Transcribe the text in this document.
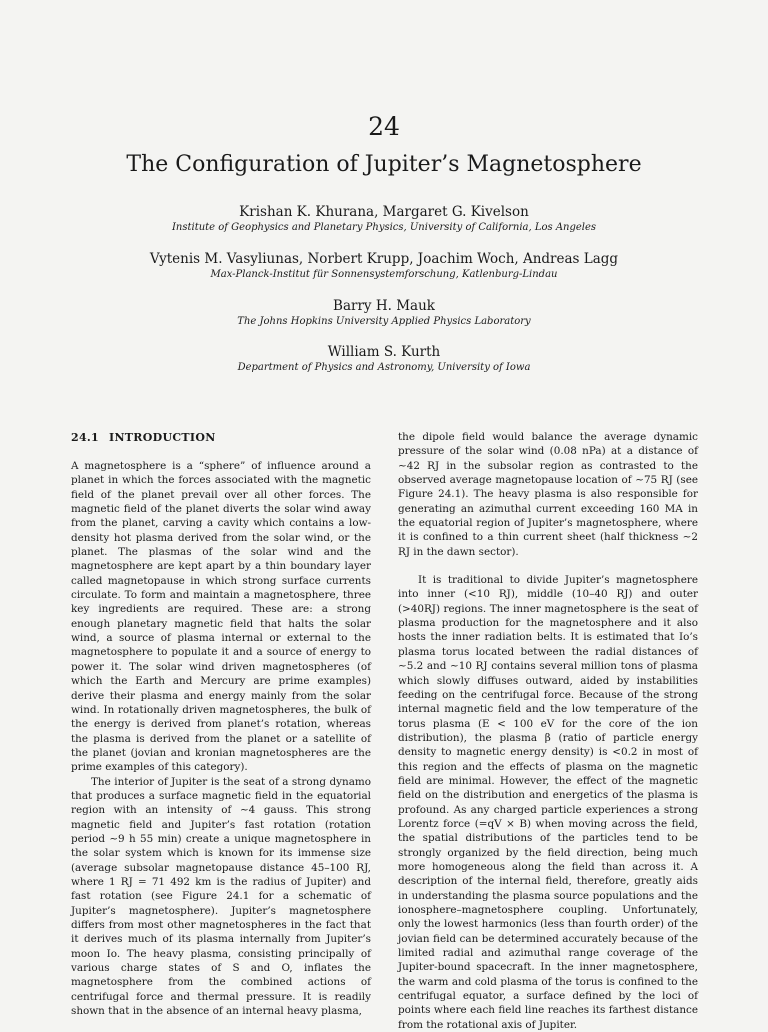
24
The Configuration of Jupiter’s Magnetosphere
Krishan K. Khurana, Margaret G. Kivelson
Institute of Geophysics and Planetary Physics, University of California, Los Angeles
Vytenis M. Vasyliunas, Norbert Krupp, Joachim Woch, Andreas Lagg
Max-Planck-Institut für Sonnensystemforschung, Katlenburg-Lindau
Barry H. Mauk
The Johns Hopkins University Applied Physics Laboratory
William S. Kurth
Department of Physics and Astronomy, University of Iowa
24.1 INTRODUCTION

A magnetosphere is a “sphere” of influence around a planet in which the forces associated with the magnetic field of the planet prevail over all other forces. The magnetic field of the planet diverts the solar wind away from the planet, carving a cavity which contains a low-density hot plasma derived from the solar wind, or the planet. The plasmas of the solar wind and the magnetosphere are kept apart by a thin boundary layer called magnetopause in which strong surface currents circulate. To form and maintain a magnetosphere, three key ingredients are required. These are: a strong enough planetary magnetic field that halts the solar wind, a source of plasma internal or external to the magnetosphere to populate it and a source of energy to power it. The solar wind driven magnetospheres (of which the Earth and Mercury are prime examples) derive their plasma and energy mainly from the solar wind. In rotationally driven magnetospheres, the bulk of the energy is derived from planet’s rotation, whereas the plasma is derived from the planet or a satellite of the planet (jovian and kronian magnetospheres are the prime examples of this category).

The interior of Jupiter is the seat of a strong dynamo that produces a surface magnetic field in the equatorial region with an intensity of ∼4 gauss. This strong magnetic field and Jupiter’s fast rotation (rotation period ∼9 h 55 min) create a unique magnetosphere in the solar system which is known for its immense size (average subsolar magnetopause distance 45–100 RJ, where 1 RJ = 71 492 km is the radius of Jupiter) and fast rotation (see Figure 24.1 for a schematic of Jupiter’s magnetosphere). Jupiter’s magnetosphere differs from most other magnetospheres in the fact that it derives much of its plasma internally from Jupiter’s moon Io. The heavy plasma, consisting principally of various charge states of S and O, inflates the magnetosphere from the combined actions of centrifugal force and thermal pressure. It is readily shown that in the absence of an internal heavy plasma,

the dipole field would balance the average dynamic pressure of the solar wind (0.08 nPa) at a distance of ∼42 RJ in the subsolar region as contrasted to the observed average magnetopause location of ∼75 RJ (see Figure 24.1). The heavy plasma is also responsible for generating an azimuthal current exceeding 160 MA in the equatorial region of Jupiter’s magnetosphere, where it is confined to a thin current sheet (half thickness ∼2 RJ in the dawn sector).

It is traditional to divide Jupiter’s magnetosphere into inner (<10 RJ), middle (10–40 RJ) and outer (>40RJ) regions. The inner magnetosphere is the seat of plasma production for the magnetosphere and it also hosts the inner radiation belts. It is estimated that Io’s plasma torus located between the radial distances of ∼5.2 and ∼10 RJ contains several million tons of plasma which slowly diffuses outward, aided by instabilities feeding on the centrifugal force. Because of the strong internal magnetic field and the low temperature of the torus plasma (E < 100 eV for the core of the ion distribution), the plasma β (ratio of particle energy density to magnetic energy density) is <0.2 in most of this region and the effects of plasma on the magnetic field are minimal. However, the effect of the magnetic field on the distribution and energetics of the plasma is profound. As any charged particle experiences a strong Lorentz force (=qV × B) when moving across the field, the spatial distributions of the particles tend to be strongly organized by the field direction, being much more homogeneous along the field than across it. A description of the internal field, therefore, greatly aids in understanding the plasma source populations and the ionosphere–magnetosphere coupling. Unfortunately, only the lowest harmonics (less than fourth order) of the jovian field can be determined accurately because of the limited radial and azimuthal range coverage of the Jupiter-bound spacecraft. In the inner magnetosphere, the warm and cold plasma of the torus is confined to the centrifugal equator, a surface defined by the loci of points where each field line reaches its farthest distance from the rotational axis of Jupiter.
